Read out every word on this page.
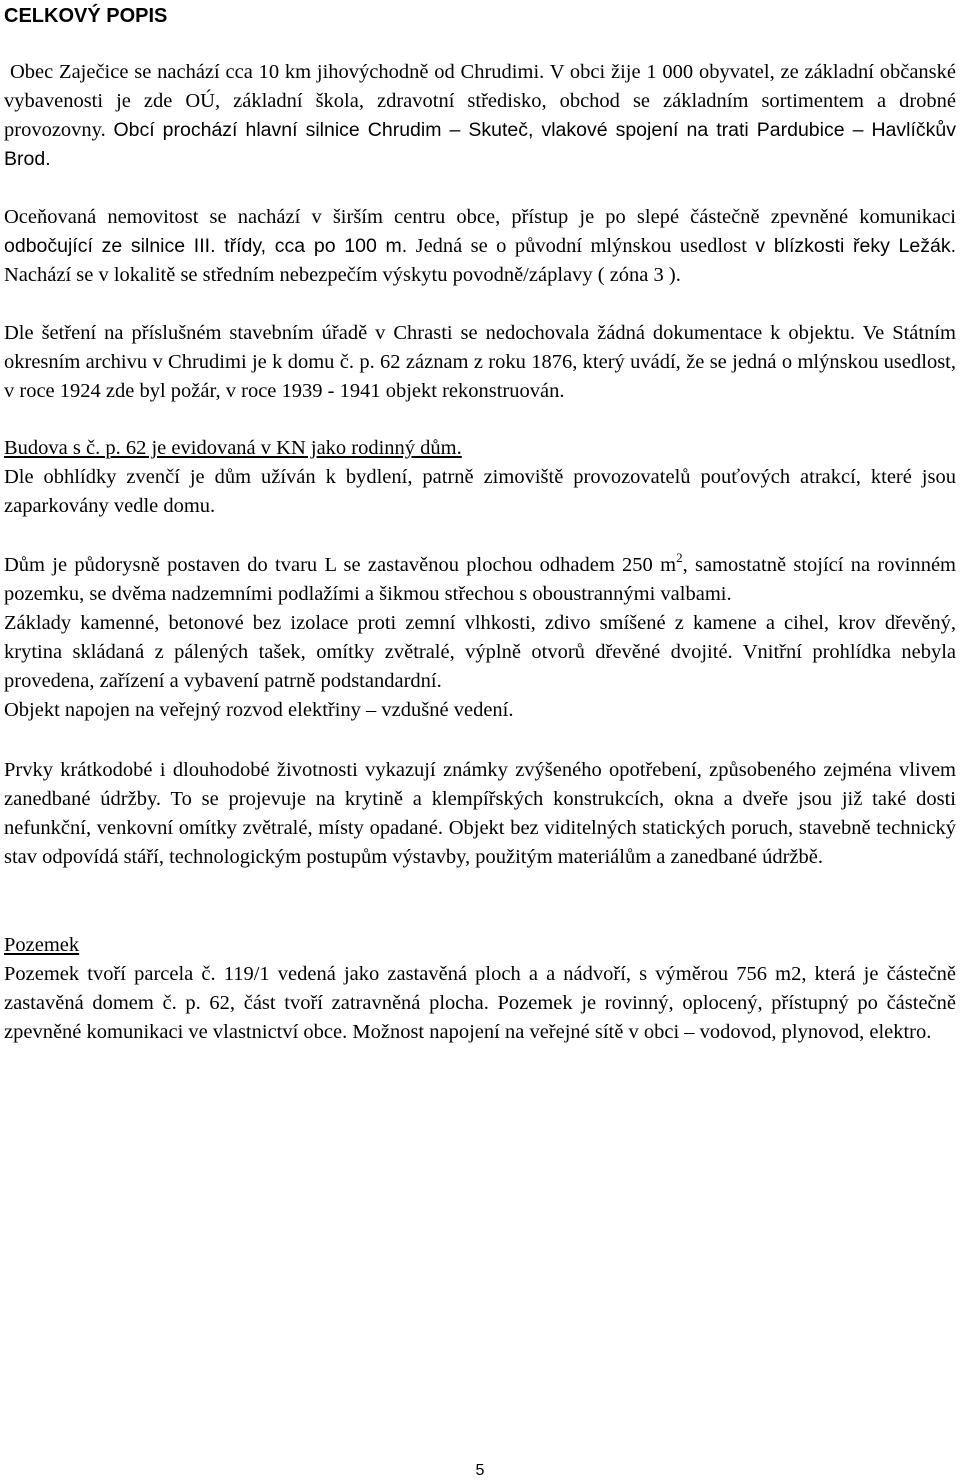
CELKOVÝ POPIS

Obec Zaječice se nachází cca 10 km jihovýchodně od Chrudimi. V obci žije 1 000 obyvatel, ze základní občanské vybavenosti je zde OÚ, základní škola, zdravotní středisko, obchod se základním sortimentem a drobné provozovny. Obcí prochází hlavní silnice Chrudim – Skuteč, vlakové spojení na trati Pardubice – Havlíčkův Brod.

Oceňovaná nemovitost se nachází v širším centru obce, přístup je po slepé částečně zpevněné komunikaci odbočující ze silnice III. třídy, cca po 100 m. Jedná se o původní mlýnskou usedlost v blízkosti řeky Ležák. Nachází se v lokalitě se středním nebezpečím výskytu povodně/záplavy ( zóna 3 ).

Dle šetření na příslušném stavebním úřadě v Chrasti se nedochovala žádná dokumentace k objektu. Ve Státním okresním archivu v Chrudimi je k domu č. p. 62 záznam z roku 1876, který uvádí, že se jedná o mlýnskou usedlost, v roce 1924 zde byl požár, v roce 1939 - 1941 objekt rekonstruován.

Budova s č. p. 62 je evidovaná v KN jako rodinný dům.

Dle obhlídky zvenčí je dům užíván k bydlení, patrně zimoviště provozovatelů pouťových atrakcí, které jsou zaparkovány vedle domu.

Dům je půdorysně postaven do tvaru L se zastavěnou plochou odhadem 250 $m^2$, samostatně stojící na rovinném pozemku, se dvěma nadzemními podlažími a šikmou střechou s oboustrannými valbami.

Základy kamenné, betonové bez izolace proti zemní vlhkosti, zdivo smíšené z kamene a cihel, krov dřevěný, krytina skládaná z pálených tašek, omítky zvětralé, výplně otvorů dřevěné dvojité. Vnitřní prohlídka nebyla provedena, zařízení a vybavení patrně podstandardní.

Objekt napojen na veřejný rozvod elektřiny – vzdušné vedení.

Prvky krátkodobé i dlouhodobé životnosti vykazují známky zvýšeného opotřebení, způsobeného zejména vlivem zanedbané údržby. To se projevuje na krytině a klempířských konstrukcích, okna a dveře jsou již také dosti nefunkční, venkovní omítky zvětralé, místy opadané. Objekt bez viditelných statických poruch, stavebně technický stav odpovídá stáří, technologickým postupům výstavby, použitým materiálům a zanedbané údržbě.

Pozemek

Pozemek tvoří parcela č. 119/1 vedená jako zastavěná ploch a a nádvoří, s výměrou 756 m2, která je částečně zastavěná domem č. p. 62, část tvoří zatravněná plocha. Pozemek je rovinný, oplocený, přístupný po částečně zpevněné komunikaci ve vlastnictví obce. Možnost napojení na veřejné sítě v obci – vodovod, plynovod, elektro.

5
